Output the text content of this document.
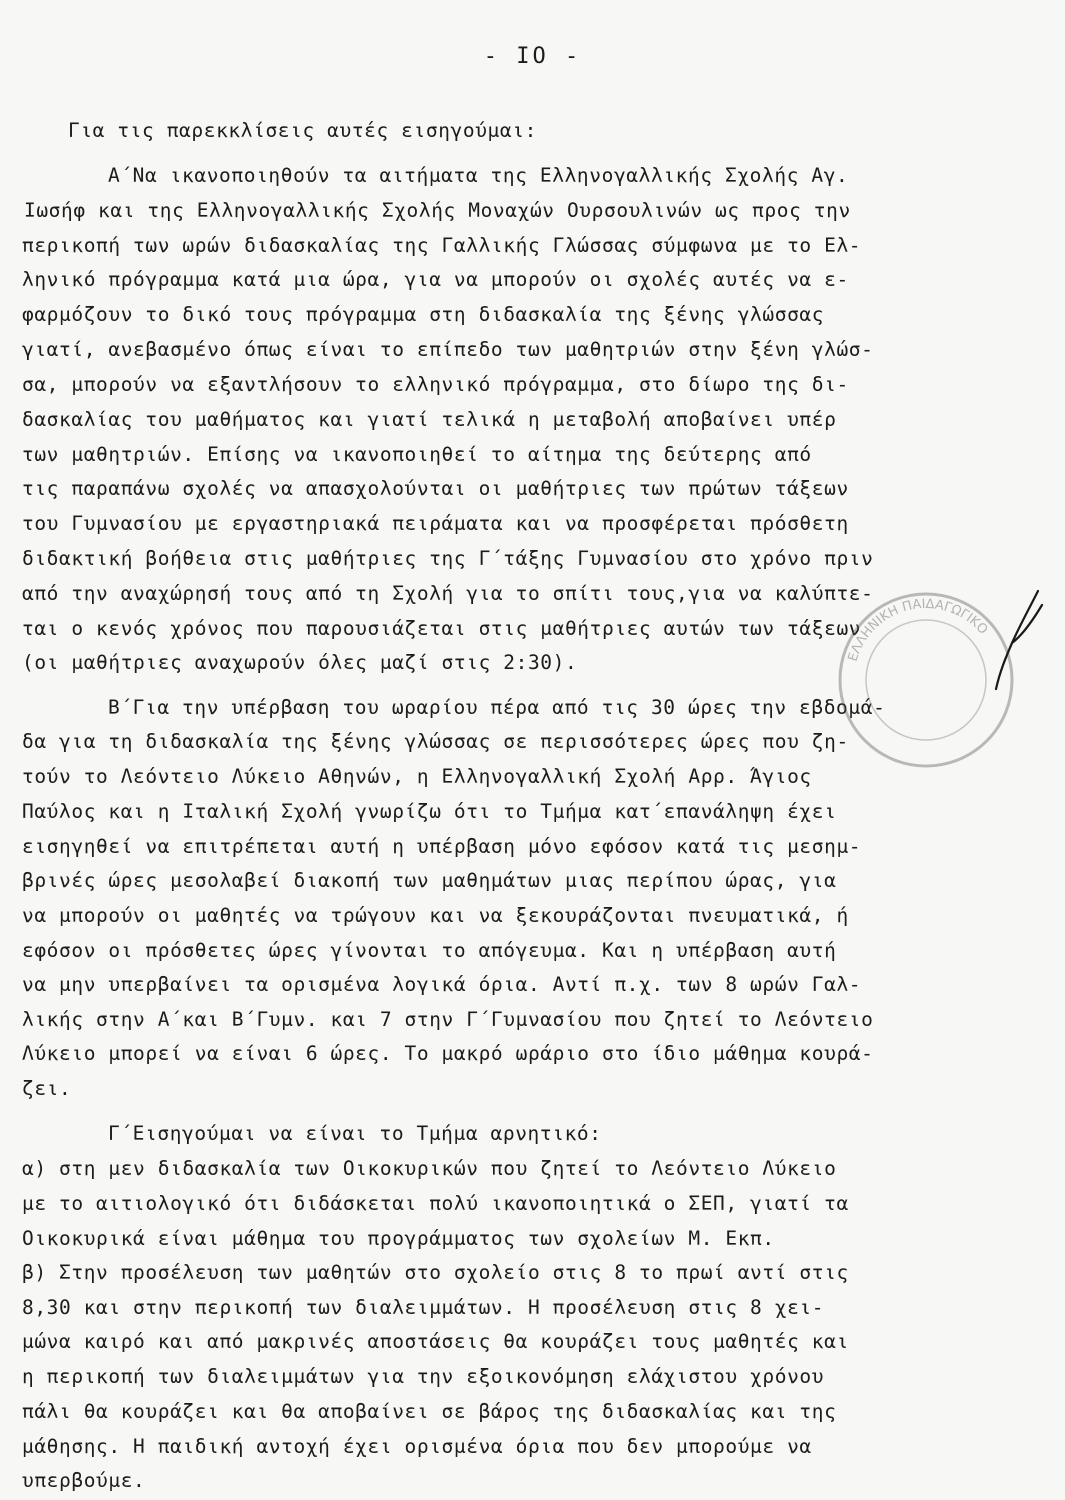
- IO -
Για τις παρεκκλίσεις αυτές εισηγούμαι:
Α΄Να ικανοποιηθούν τα αιτήματα της Ελληνογαλλικής Σχολής Αγ.
Ιωσήφ και της Ελληνογαλλικής Σχολής Μοναχών Ουρσουλινών ως προς την
περικοπή των ωρών διδασκαλίας της Γαλλικής Γλώσσας σύμφωνα με το Ελ-
ληνικό πρόγραμμα κατά μια ώρα, για να μπορούν οι σχολές αυτές να ε-
φαρμόζουν το δικό τους πρόγραμμα στη διδασκαλία της ξένης γλώσσας
γιατί, ανεβασμένο όπως είναι το επίπεδο των μαθητριών στην ξένη γλώσ-
σα, μπορούν να εξαντλήσουν το ελληνικό πρόγραμμα, στο δίωρο της δι-
δασκαλίας του μαθήματος και γιατί τελικά η μεταβολή αποβαίνει υπέρ
των μαθητριών. Επίσης να ικανοποιηθεί το αίτημα της δεύτερης από
τις παραπάνω σχολές να απασχολούνται οι μαθήτριες των πρώτων τάξεων
του Γυμνασίου με εργαστηριακά πειράματα και να προσφέρεται πρόσθετη
διδακτική βοήθεια στις μαθήτριες της Γ΄τάξης Γυμνασίου στο χρόνο πριν
από την αναχώρησή τους από τη Σχολή για το σπίτι τους,για να καλύπτε-
ται ο κενός χρόνος που παρουσιάζεται στις μαθήτριες αυτών των τάξεων
(οι μαθήτριες αναχωρούν όλες μαζί στις 2:30).
Β΄Για την υπέρβαση του ωραρίου πέρα από τις 30 ώρες την εβδομά-
δα για τη διδασκαλία της ξένης γλώσσας σε περισσότερες ώρες που ζη-
τούν το Λεόντειο Λύκειο Αθηνών, η Ελληνογαλλική Σχολή Αρρ. Άγιος
Παύλος και η Ιταλική Σχολή γνωρίζω ότι το Τμήμα κατ΄επανάληψη έχει
εισηγηθεί να επιτρέπεται αυτή η υπέρβαση μόνο εφόσον κατά τις μεσημ-
βρινές ώρες μεσολαβεί διακοπή των μαθημάτων μιας περίπου ώρας, για
να μπορούν οι μαθητές να τρώγουν και να ξεκουράζονται πνευματικά, ή
εφόσον οι πρόσθετες ώρες γίνονται το απόγευμα. Και η υπέρβαση αυτή
να μην υπερβαίνει τα ορισμένα λογικά όρια. Αντί π.χ. των 8 ωρών Γαλ-
λικής στην Α΄και Β΄Γυμν. και 7 στην Γ΄Γυμνασίου που ζητεί το Λεόντειο
Λύκειο μπορεί να είναι 6 ώρες. Το μακρό ωράριο στο ίδιο μάθημα κουρά-
ζει.
Γ΄Εισηγούμαι να είναι το Τμήμα αρνητικό:
α) στη μεν διδασκαλία των Οικοκυρικών που ζητεί το Λεόντειο Λύκειο
με το αιτιολογικό ότι διδάσκεται πολύ ικανοποιητικά ο ΣΕΠ, γιατί τα
Οικοκυρικά είναι μάθημα του προγράμματος των σχολείων Μ. Εκπ.
β) Στην προσέλευση των μαθητών στο σχολείο στις 8 το πρωί αντί στις
8,30 και στην περικοπή των διαλειμμάτων. Η προσέλευση στις 8 χει-
μώνα καιρό και από μακρινές αποστάσεις θα κουράζει τους μαθητές και
η περικοπή των διαλειμμάτων για την εξοικονόμηση ελάχιστου χρόνου
πάλι θα κουράζει και θα αποβαίνει σε βάρος της διδασκαλίας και της
μάθησης. Η παιδική αντοχή έχει ορισμένα όρια που δεν μπορούμε να
υπερβούμε.
ΕΛΛΗΝΙΚΗ ΠΑΙΔΑΓΩΓΙΚΟ
